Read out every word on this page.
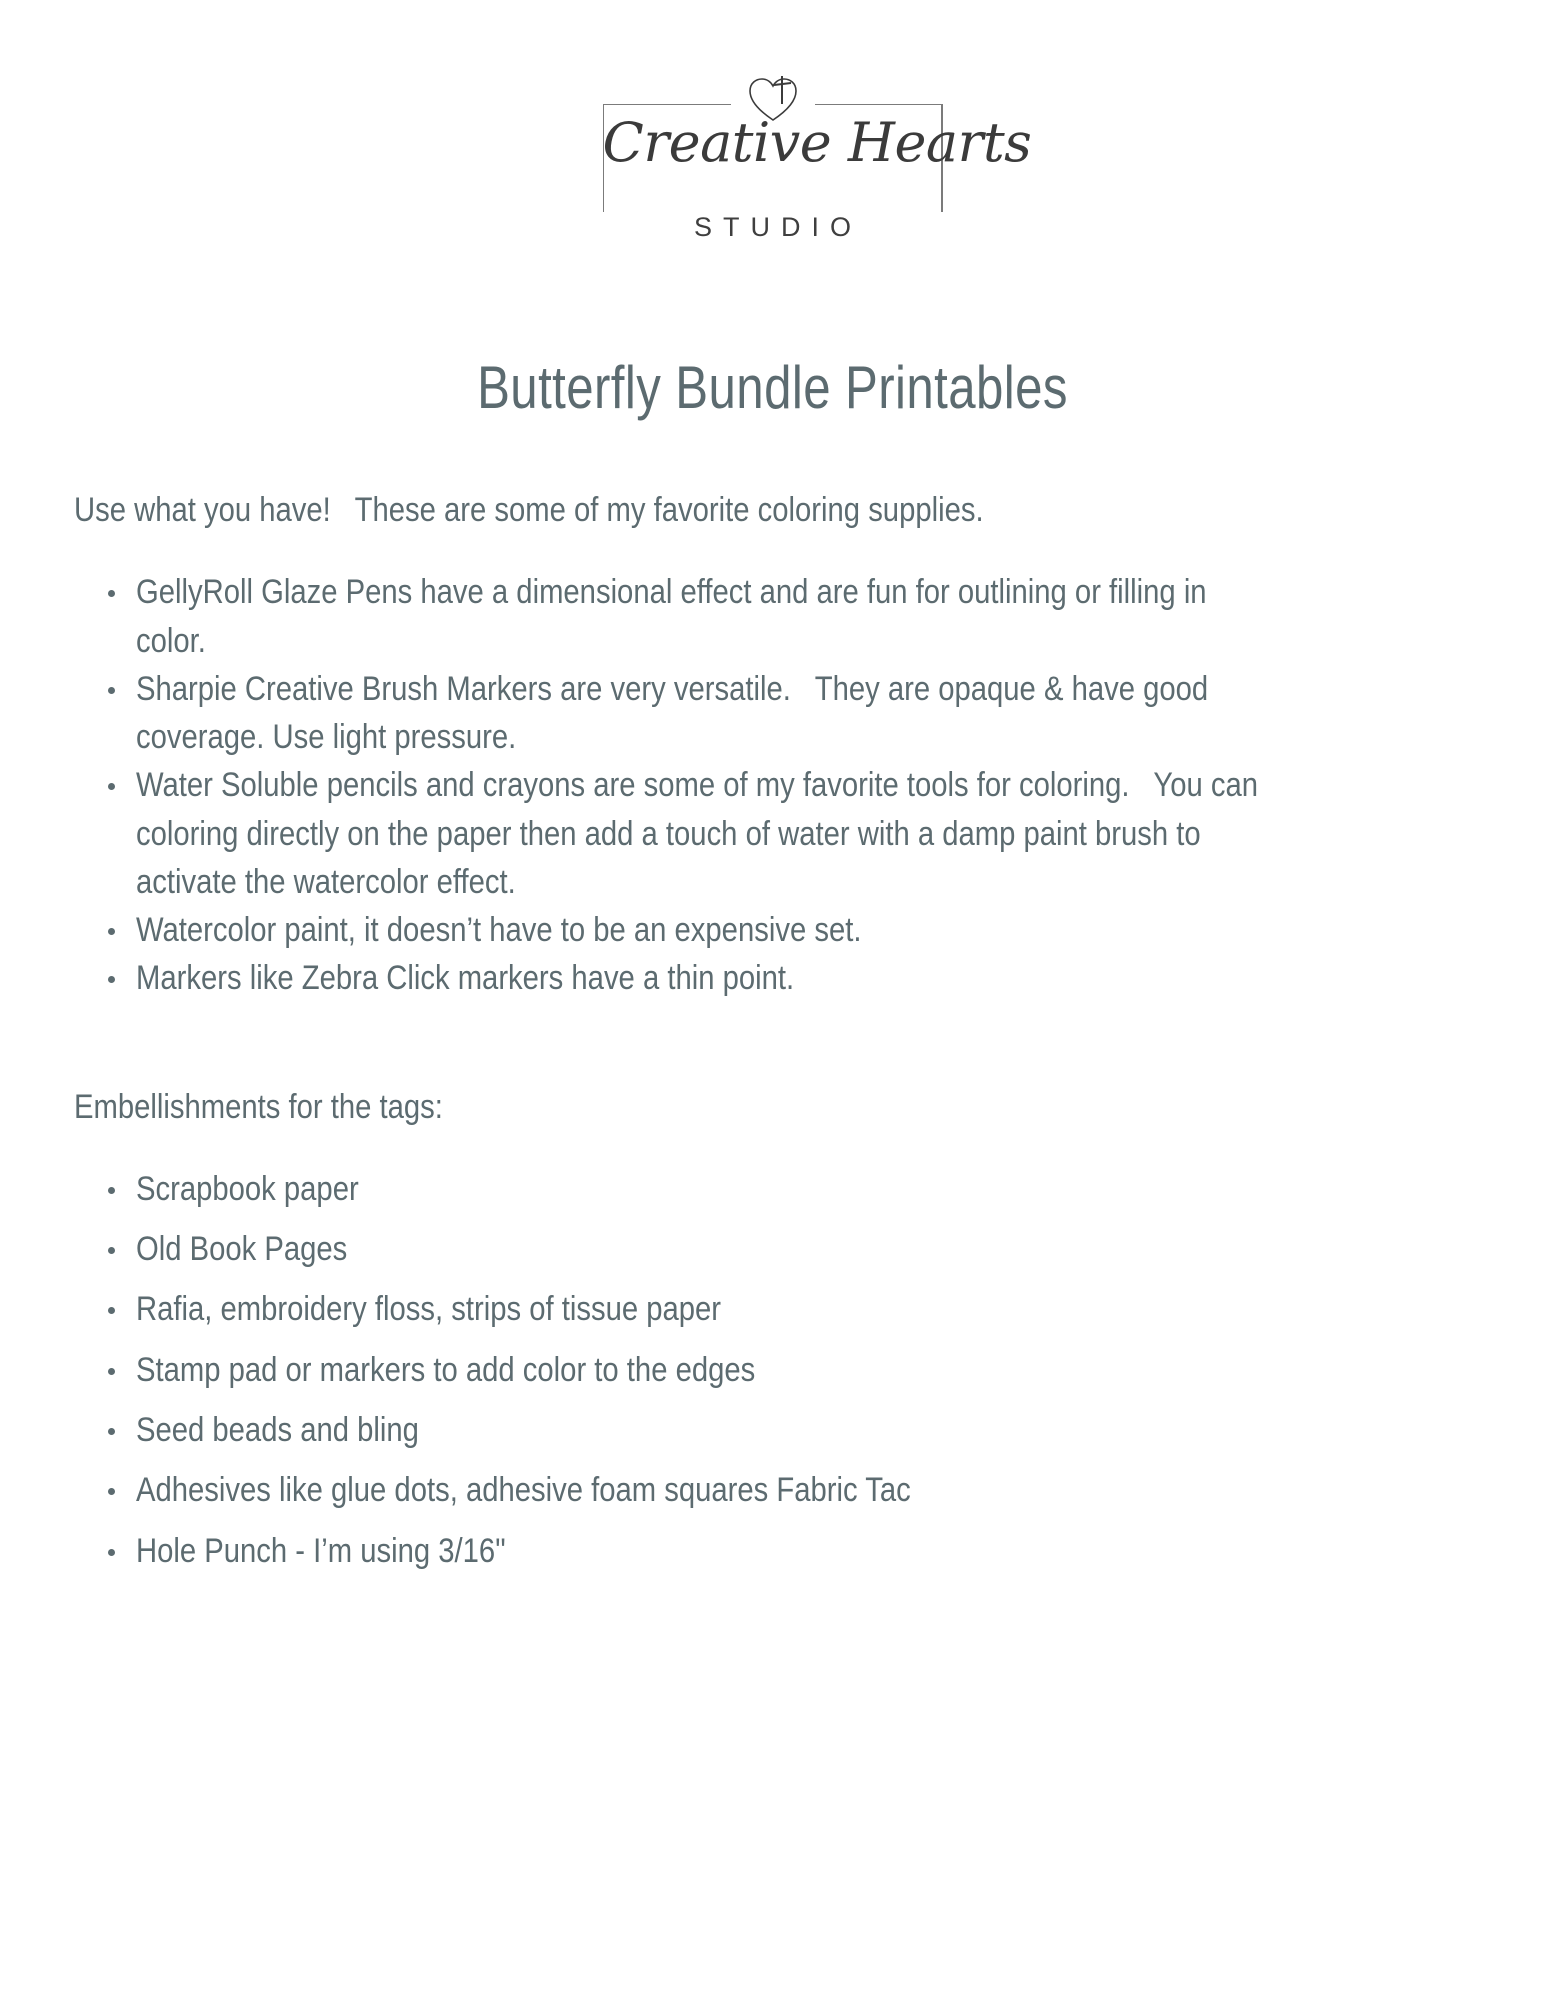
Creative Hearts
STUDIO
Butterfly Bundle Printables

Use what you have!   These are some of my favorite coloring supplies.

GellyRoll Glaze Pens have a dimensional effect and are fun for outlining or filling in color.
Sharpie Creative Brush Markers are very versatile.   They are opaque & have good coverage. Use light pressure.
Water Soluble pencils and crayons are some of my favorite tools for coloring.   You can coloring directly on the paper then add a touch of water with a damp paint brush to activate the watercolor effect.
Watercolor paint, it doesn’t have to be an expensive set.
Markers like Zebra Click markers have a thin point.

Embellishments for the tags:

Scrapbook paper
Old Book Pages
Rafia, embroidery floss, strips of tissue paper
Stamp pad or markers to add color to the edges
Seed beads and bling
Adhesives like glue dots, adhesive foam squares Fabric Tac
Hole Punch - I’m using 3/16"
